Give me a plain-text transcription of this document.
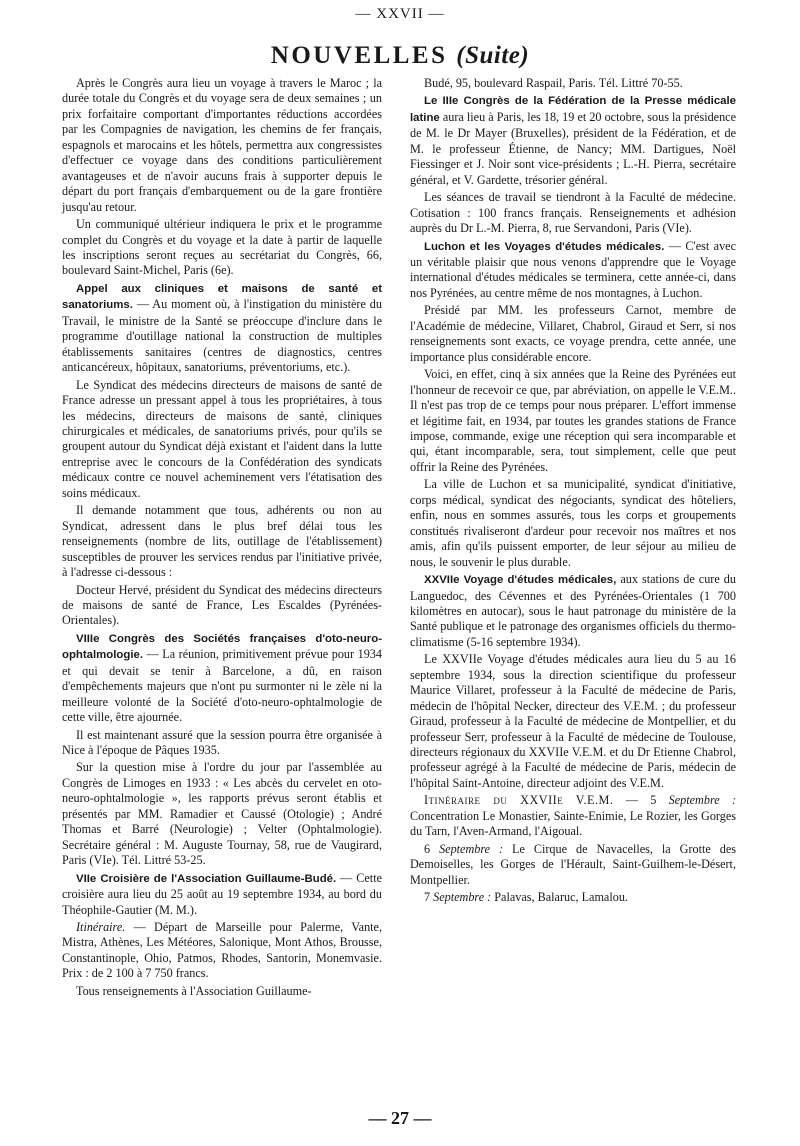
— XXVII —
NOUVELLES (Suite)

Après le Congrès aura lieu un voyage à travers le Maroc ; la durée totale du Congrès et du voyage sera de deux semaines ; un prix forfaitaire comportant d'importantes réductions accordées par les Compagnies de navigation, les chemins de fer français, espagnols et marocains et les hôtels, permettra aux congressistes d'effectuer ce voyage dans des conditions particulièrement avantageuses et de n'avoir aucuns frais à supporter depuis le départ du port français d'embarquement ou de la gare frontière jusqu'au retour.

Un communiqué ultérieur indiquera le prix et le programme complet du Congrès et du voyage et la date à partir de laquelle les inscriptions seront reçues au secrétariat du Congrès, 66, boulevard Saint-Michel, Paris (6e).

Appel aux cliniques et maisons de santé et sanatoriums. — Au moment où, à l'instigation du ministère du Travail, le ministre de la Santé se préoccupe d'inclure dans le programme d'outillage national la construction de multiples établissements sanitaires (centres de diagnostics, centres anticancéreux, hôpitaux, sanatoriums, préventoriums, etc.).

Le Syndicat des médecins directeurs de maisons de santé de France adresse un pressant appel à tous les propriétaires, à tous les médecins, directeurs de maisons de santé, cliniques chirurgicales et médicales, de sanatoriums privés, pour qu'ils se groupent autour du Syndicat déjà existant et l'aident dans la lutte entreprise avec le concours de la Confédération des syndicats médicaux contre ce nouvel acheminement vers l'étatisation des soins médicaux.

Il demande notamment que tous, adhérents ou non au Syndicat, adressent dans le plus bref délai tous les renseignements (nombre de lits, outillage de l'établissement) susceptibles de prouver les services rendus par l'initiative privée, à l'adresse ci-dessous :

Docteur Hervé, président du Syndicat des médecins directeurs de maisons de santé de France, Les Escaldes (Pyrénées-Orientales).

VIIIe Congrès des Sociétés françaises d'oto-neuro-ophtalmologie. — La réunion, primitivement prévue pour 1934 et qui devait se tenir à Barcelone, a dû, en raison d'empêchements majeurs que n'ont pu surmonter ni le zèle ni la meilleure volonté de la Société d'oto-neuro-ophtalmologie de cette ville, être ajournée.

Il est maintenant assuré que la session pourra être organisée à Nice à l'époque de Pâques 1935.

Sur la question mise à l'ordre du jour par l'assemblée au Congrès de Limoges en 1933 : « Les abcès du cervelet en oto-neuro-ophtalmologie », les rapports prévus seront établis et présentés par MM. Ramadier et Caussé (Otologie) ; André Thomas et Barré (Neurologie) ; Velter (Ophtalmologie). Secrétaire général : M. Auguste Tournay, 58, rue de Vaugirard, Paris (VIe). Tél. Littré 53-25.

VIIe Croisière de l'Association Guillaume-Budé. — Cette croisière aura lieu du 25 août au 19 septembre 1934, au bord du Théophile-Gautier (M. M.).

Itinéraire. — Départ de Marseille pour Palerme, Vante, Mistra, Athènes, Les Météores, Salonique, Mont Athos, Brousse, Constantinople, Ohio, Patmos, Rhodes, Santorin, Monemvasie. Prix : de 2 100 à 7 750 francs.

Tous renseignements à l'Association Guillaume-

Budé, 95, boulevard Raspail, Paris. Tél. Littré 70-55.

Le IIIe Congrès de la Fédération de la Presse médicale latine aura lieu à Paris, les 18, 19 et 20 octobre, sous la présidence de M. le Dr Mayer (Bruxelles), président de la Fédération, et de M. le professeur Étienne, de Nancy; MM. Dartigues, Noël Fiessinger et J. Noir sont vice-présidents ; L.-H. Pierra, secrétaire général, et V. Gardette, trésorier général.

Les séances de travail se tiendront à la Faculté de médecine. Cotisation : 100 francs français. Renseignements et adhésion auprès du Dr L.-M. Pierra, 8, rue Servandoni, Paris (VIe).

Luchon et les Voyages d'études médicales. — C'est avec un véritable plaisir que nous venons d'apprendre que le Voyage international d'études médicales se terminera, cette année-ci, dans nos Pyrénées, au centre même de nos montagnes, à Luchon.

Présidé par MM. les professeurs Carnot, membre de l'Académie de médecine, Villaret, Chabrol, Giraud et Serr, si nos renseignements sont exacts, ce voyage prendra, cette année, une importance plus considérable encore.

Voici, en effet, cinq à six années que la Reine des Pyrénées eut l'honneur de recevoir ce que, par abréviation, on appelle le V.E.M.. Il n'est pas trop de ce temps pour nous préparer. L'effort immense et légitime fait, en 1934, par toutes les grandes stations de France impose, commande, exige une réception qui sera incomparable et qui, étant incomparable, sera, tout simplement, celle que peut offrir la Reine des Pyrénées.

La ville de Luchon et sa municipalité, syndicat d'initiative, corps médical, syndicat des négociants, syndicat des hôteliers, enfin, nous en sommes assurés, tous les corps et groupements constitués rivaliseront d'ardeur pour recevoir nos maîtres et nos amis, afin qu'ils puissent emporter, de leur séjour au milieu de nous, le souvenir le plus durable.

XXVIIe Voyage d'études médicales, aux stations de cure du Languedoc, des Cévennes et des Pyrénées-Orientales (1 700 kilomètres en autocar), sous le haut patronage du ministère de la Santé publique et le patronage des organismes officiels du thermo-climatisme (5-16 septembre 1934).

Le XXVIIe Voyage d'études médicales aura lieu du 5 au 16 septembre 1934, sous la direction scientifique du professeur Maurice Villaret, professeur à la Faculté de médecine de Paris, médecin de l'hôpital Necker, directeur des V.E.M. ; du professeur Giraud, professeur à la Faculté de médecine de Montpellier, et du professeur Serr, professeur à la Faculté de médecine de Toulouse, directeurs régionaux du XXVIIe V.E.M. et du Dr Etienne Chabrol, professeur agrégé à la Faculté de médecine de Paris, médecin de l'hôpital Saint-Antoine, directeur adjoint des V.E.M.

Itinéraire du XXVIIe V.E.M. — 5 Septembre : Concentration Le Monastier, Sainte-Enimie, Le Rozier, les Gorges du Tarn, l'Aven-Armand, l'Aigoual.

6 Septembre : Le Cirque de Navacelles, la Grotte des Demoiselles, les Gorges de l'Hérault, Saint-Guilhem-le-Désert, Montpellier.

7 Septembre : Palavas, Balaruc, Lamalou.

— 27 —
